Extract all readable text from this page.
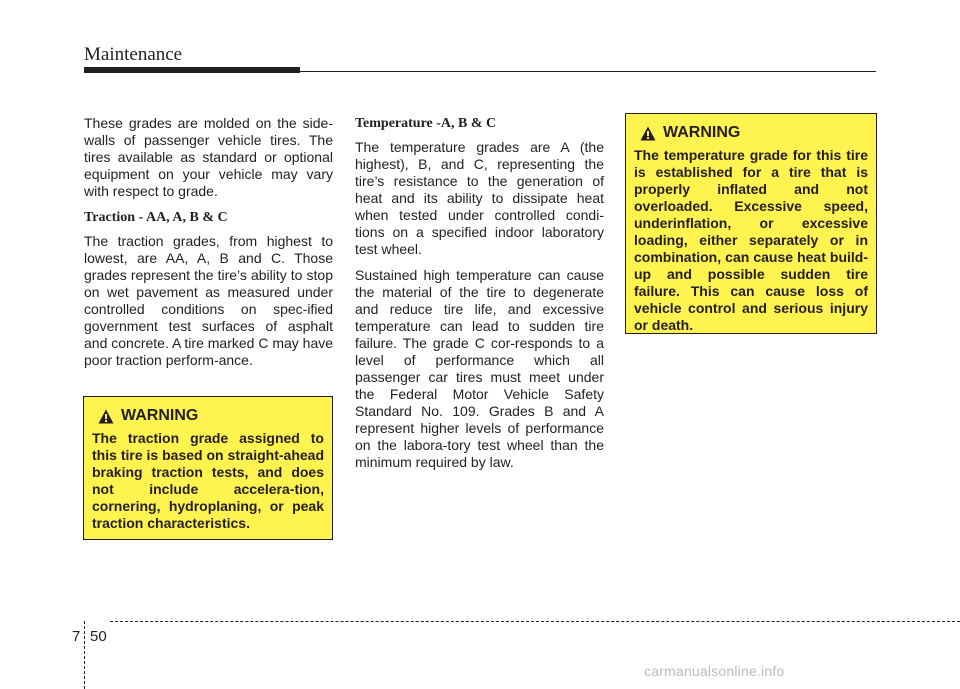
Maintenance

These grades are molded on the side-walls of passenger vehicle tires. The tires available as standard or optional equipment on your vehicle may vary with respect to grade.

Traction - AA, A, B & C

The traction grades, from highest to lowest, are AA, A, B and C. Those grades represent the tire’s ability to stop on wet pavement as measured under controlled conditions on spec-ified government test surfaces of asphalt and concrete. A tire marked C may have poor traction perform-ance.

WARNING
The traction grade assigned to this tire is based on straight-ahead braking traction tests, and does not include accelera-tion, cornering, hydroplaning, or peak traction characteristics.
Temperature -A, B & C

The temperature grades are A (the highest), B, and C, representing the tire’s resistance to the generation of heat and its ability to dissipate heat when tested under controlled condi-tions on a specified indoor laboratory test wheel.

Sustained high temperature can cause the material of the tire to degenerate and reduce tire life, and excessive temperature can lead to sudden tire failure. The grade C cor-responds to a level of performance which all passenger car tires must meet under the Federal Motor Vehicle Safety Standard No. 109. Grades B and A represent higher levels of performance on the labora-tory test wheel than the minimum required by law.

WARNING
The temperature grade for this tire is established for a tire that is properly inflated and not overloaded. Excessive speed, underinflation, or excessive loading, either separately or in combination, can cause heat build-up and possible sudden tire failure. This can cause loss of vehicle control and serious injury or death.
7 50
carmanualsonline.info
